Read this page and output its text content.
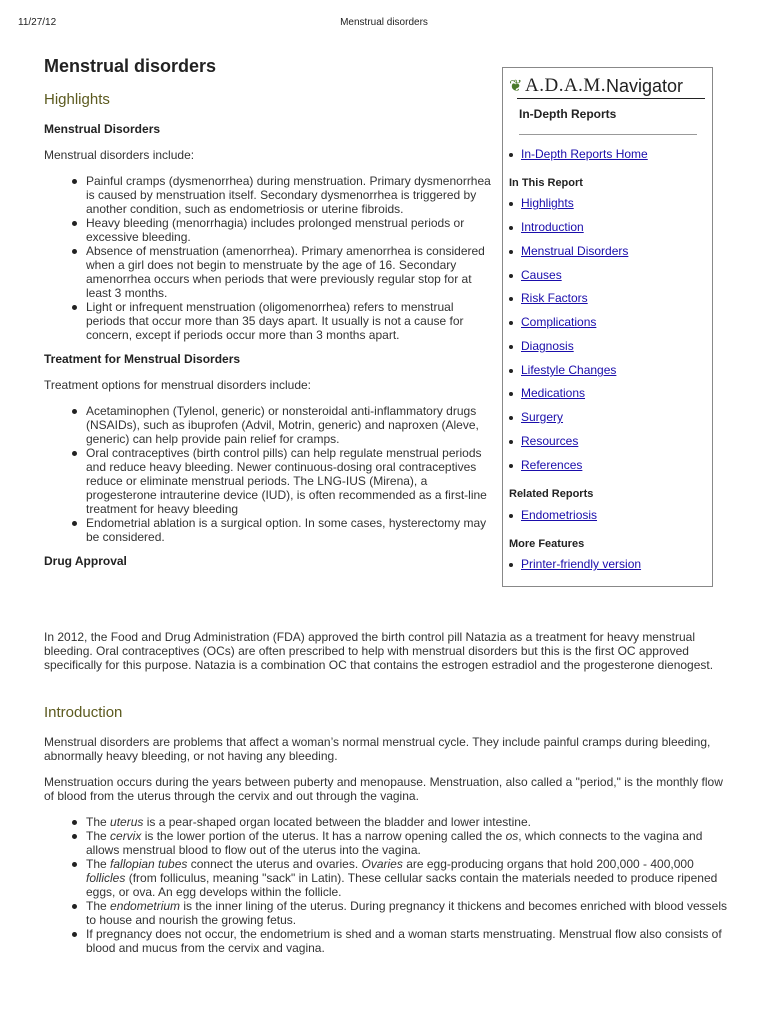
11/27/12	Menstrual disorders
Menstrual disorders
Highlights
Menstrual Disorders

Menstrual disorders include:

Painful cramps (dysmenorrhea) during menstruation. Primary dysmenorrhea is caused by menstruation itself. Secondary dysmenorrhea is triggered by another condition, such as endometriosis or uterine fibroids.
Heavy bleeding (menorrhagia) includes prolonged menstrual periods or excessive bleeding.
Absence of menstruation (amenorrhea). Primary amenorrhea is considered when a girl does not begin to menstruate by the age of 16. Secondary amenorrhea occurs when periods that were previously regular stop for at least 3 months.
Light or infrequent menstruation (oligomenorrhea) refers to menstrual periods that occur more than 35 days apart. It usually is not a cause for concern, except if periods occur more than 3 months apart.
Treatment for Menstrual Disorders

Treatment options for menstrual disorders include:

Acetaminophen (Tylenol, generic) or nonsteroidal anti-inflammatory drugs (NSAIDs), such as ibuprofen (Advil, Motrin, generic) and naproxen (Aleve, generic) can help provide pain relief for cramps.
Oral contraceptives (birth control pills) can help regulate menstrual periods and reduce heavy bleeding. Newer continuous-dosing oral contraceptives reduce or eliminate menstrual periods. The LNG-IUS (Mirena), a progesterone intrauterine device (IUD), is often recommended as a first-line treatment for heavy bleeding
Endometrial ablation is a surgical option. In some cases, hysterectomy may be considered.
Drug Approval

In 2012, the Food and Drug Administration (FDA) approved the birth control pill Natazia as a treatment for heavy menstrual bleeding. Oral contraceptives (OCs) are often prescribed to help with menstrual disorders but this is the first OC approved specifically for this purpose. Natazia is a combination OC that contains the estrogen estradiol and the progesterone dienogest.

Introduction

Menstrual disorders are problems that affect a woman’s normal menstrual cycle. They include painful cramps during bleeding, abnormally heavy bleeding, or not having any bleeding.

Menstruation occurs during the years between puberty and menopause. Menstruation, also called a "period," is the monthly flow of blood from the uterus through the cervix and out through the vagina.

The uterus is a pear-shaped organ located between the bladder and lower intestine.
The cervix is the lower portion of the uterus. It has a narrow opening called the os, which connects to the vagina and allows menstrual blood to flow out of the uterus into the vagina.
The fallopian tubes connect the uterus and ovaries. Ovaries are egg-producing organs that hold 200,000 - 400,000 follicles (from folliculus, meaning "sack" in Latin). These cellular sacks contain the materials needed to produce ripened eggs, or ova. An egg develops within the follicle.
The endometrium is the inner lining of the uterus. During pregnancy it thickens and becomes enriched with blood vessels to house and nourish the growing fetus.
If pregnancy does not occur, the endometrium is shed and a woman starts menstruating. Menstrual flow also consists of blood and mucus from the cervix and vagina.
❦ A.D.A.M. Navigator
In-Depth Reports
In-Depth Reports Home
In This Report
Highlights
Introduction
Menstrual Disorders
Causes
Risk Factors
Complications
Diagnosis
Lifestyle Changes
Medications
Surgery
Resources
References
Related Reports
Endometriosis
More Features
Printer-friendly version
